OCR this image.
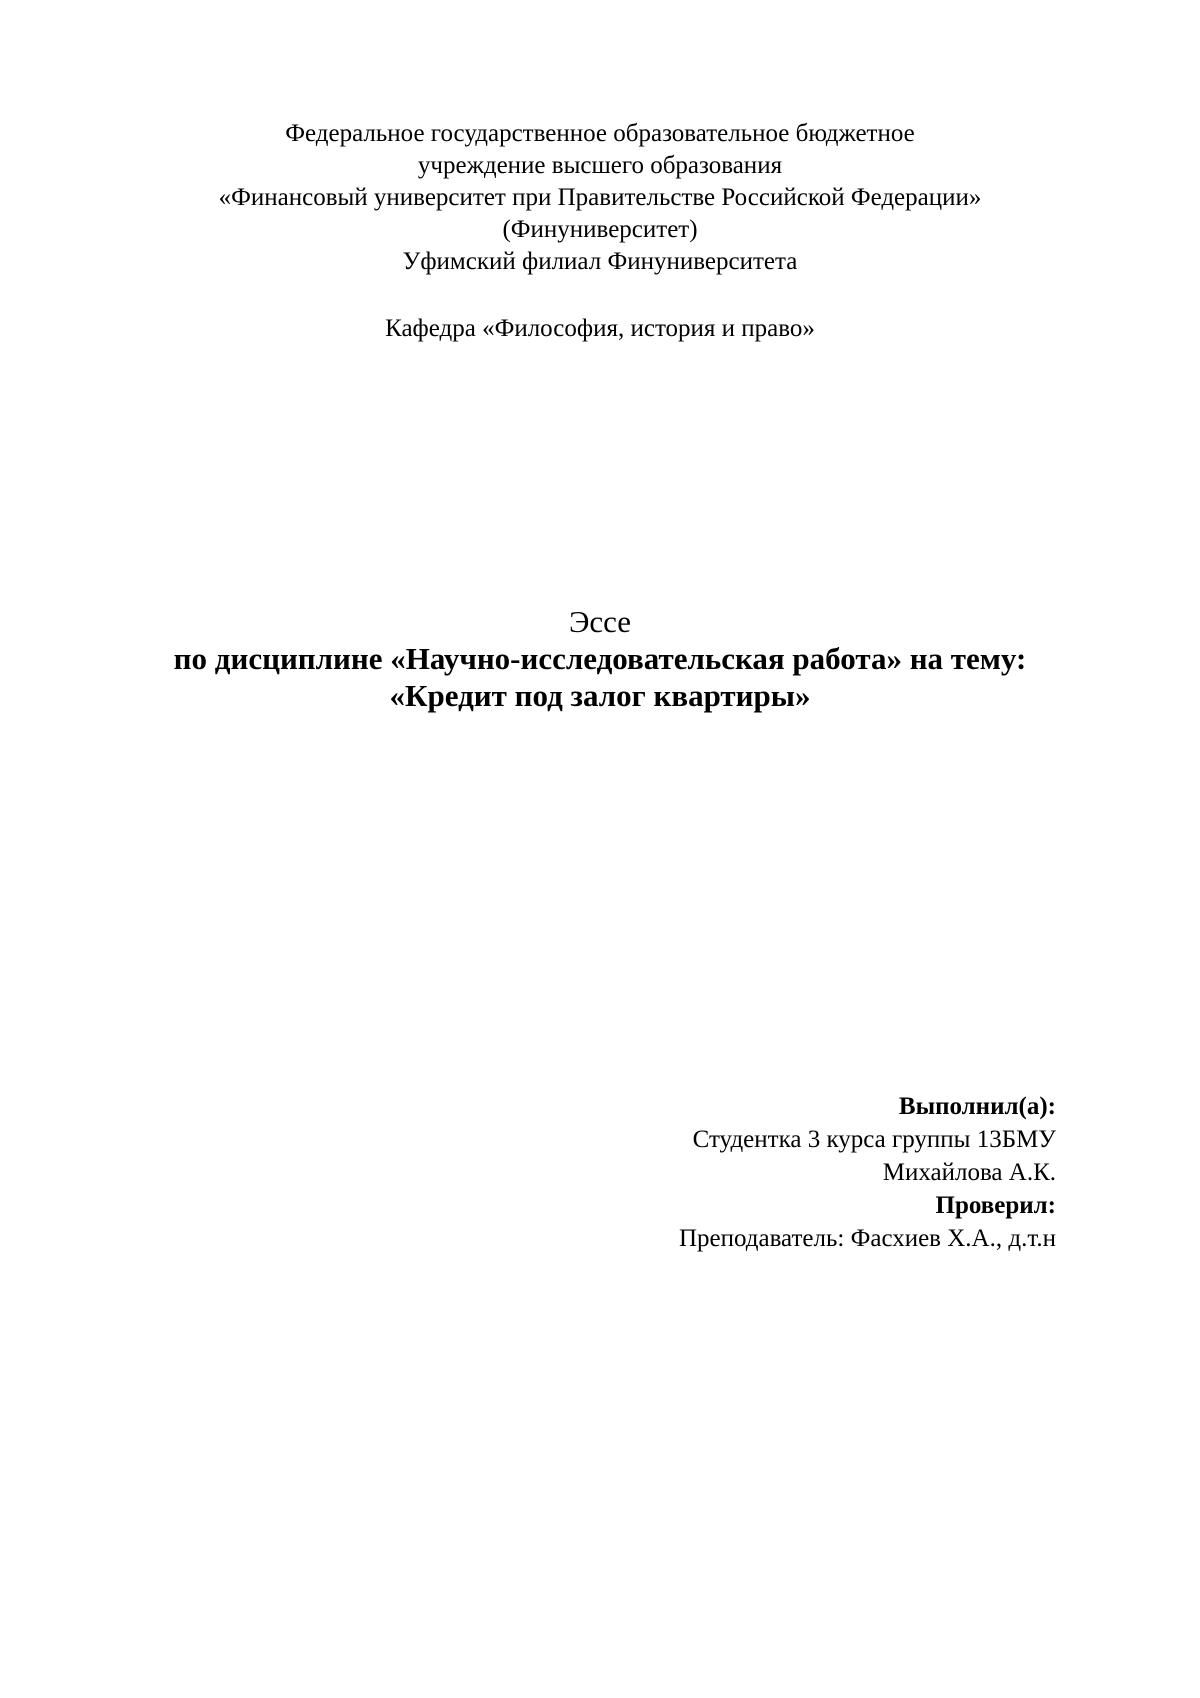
Федеральное государственное образовательное бюджетное
учреждение высшего образования
«Финансовый университет при Правительстве Российской Федерации»
(Финуниверситет)
Уфимский филиал Финуниверситета
Кафедра «Философия, история и право»
Эссе
по дисциплине «Научно-исследовательская работа» на тему:
«Кредит под залог квартиры»
Выполнил(а):
Студентка 3 курса группы 13БМУ
Михайлова А.К.
Проверил:
Преподаватель: Фасхиев Х.А., д.т.н
